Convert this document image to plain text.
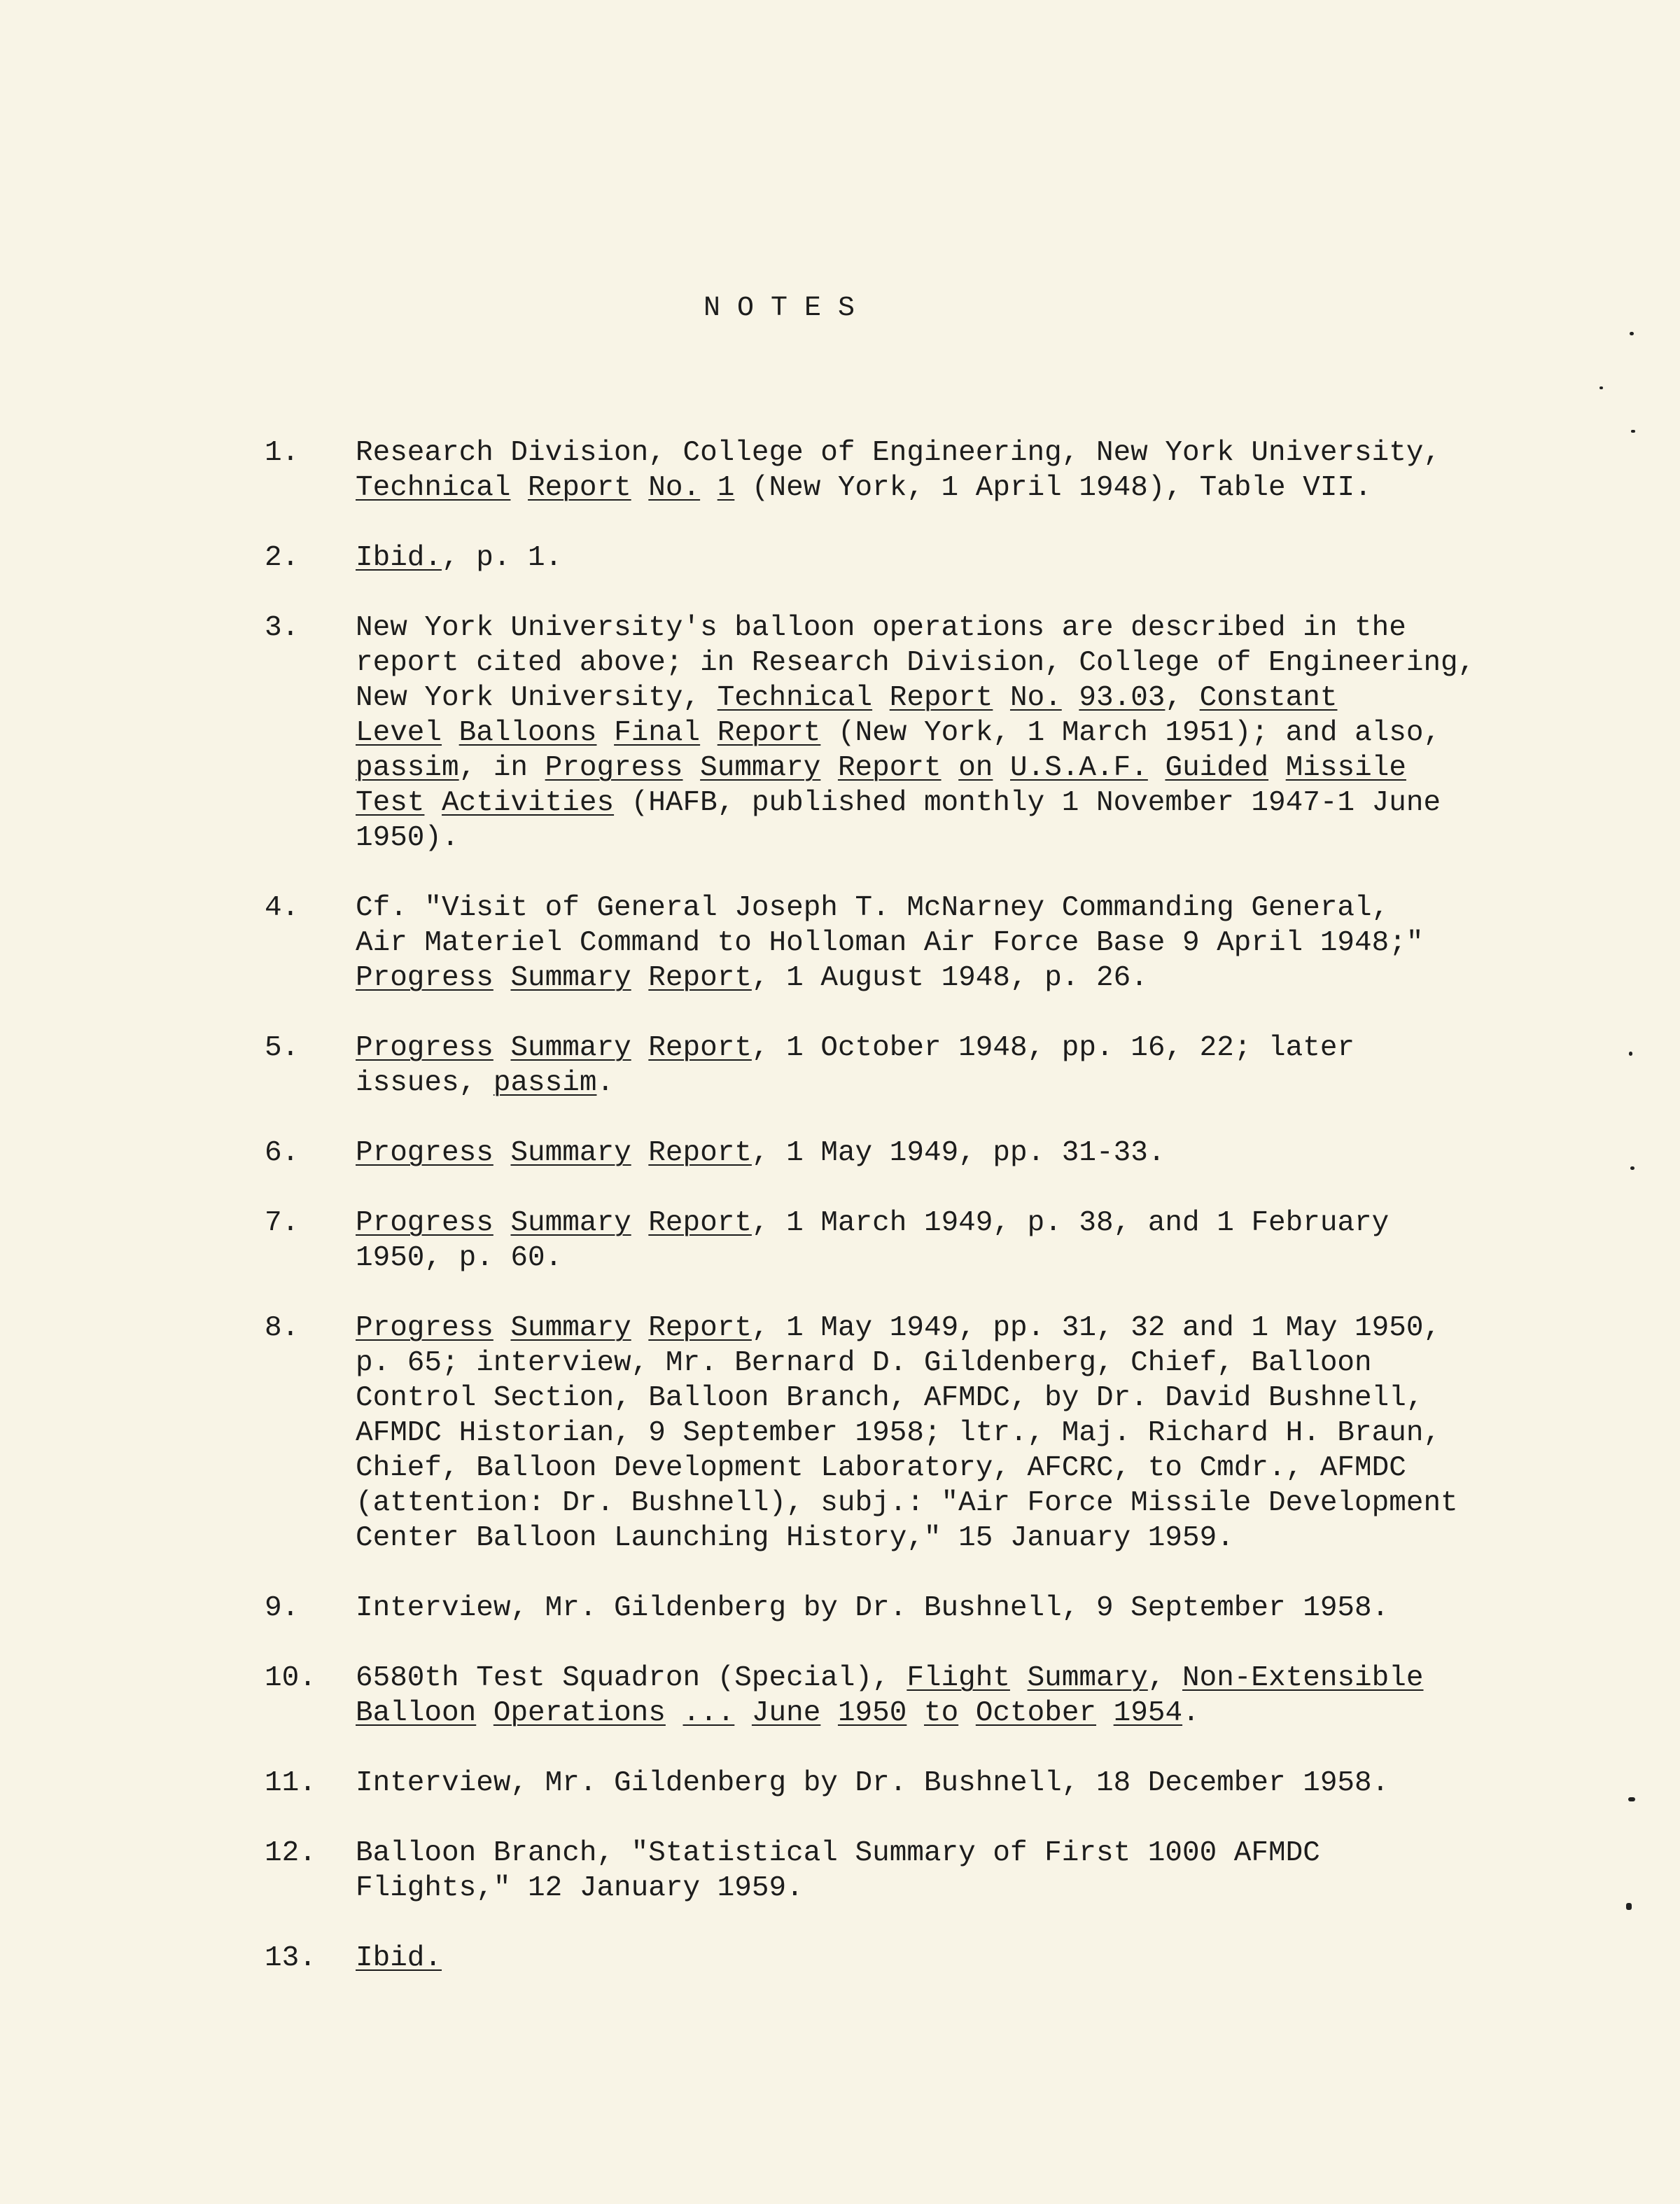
NOTES
1.	Research Division, College of Engineering, New York University,
Technical Report No. 1 (New York, 1 April 1948), Table VII.
2.	Ibid., p. 1.
3.	New York University's balloon operations are described in the
report cited above; in Research Division, College of Engineering,
New York University, Technical Report No. 93.03, Constant
Level Balloons Final Report (New York, 1 March 1951); and also,
passim, in Progress Summary Report on U.S.A.F. Guided Missile
Test Activities (HAFB, published monthly 1 November 1947-1 June
1950).
4.	Cf. "Visit of General Joseph T. McNarney Commanding General,
Air Materiel Command to Holloman Air Force Base 9 April 1948;"
Progress Summary Report, 1 August 1948, p. 26.
5.	Progress Summary Report, 1 October 1948, pp. 16, 22; later
issues, passim.
6.	Progress Summary Report, 1 May 1949, pp. 31-33.
7.	Progress Summary Report, 1 March 1949, p. 38, and 1 February
1950, p. 60.
8.	Progress Summary Report, 1 May 1949, pp. 31, 32 and 1 May 1950,
p. 65; interview, Mr. Bernard D. Gildenberg, Chief, Balloon
Control Section, Balloon Branch, AFMDC, by Dr. David Bushnell,
AFMDC Historian, 9 September 1958; ltr., Maj. Richard H. Braun,
Chief, Balloon Development Laboratory, AFCRC, to Cmdr., AFMDC
(attention: Dr. Bushnell), subj.: "Air Force Missile Development
Center Balloon Launching History," 15 January 1959.
9.	Interview, Mr. Gildenberg by Dr. Bushnell, 9 September 1958.
10.	6580th Test Squadron (Special), Flight Summary, Non-Extensible
Balloon Operations ... June 1950 to October 1954.
11.	Interview, Mr. Gildenberg by Dr. Bushnell, 18 December 1958.
12.	Balloon Branch, "Statistical Summary of First 1000 AFMDC
Flights," 12 January 1959.
13.	Ibid.
